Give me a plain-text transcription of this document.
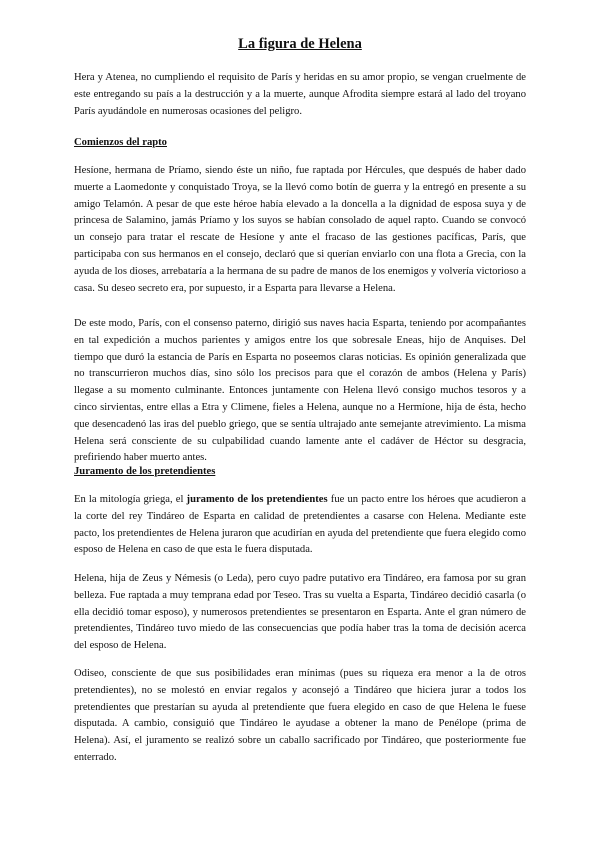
La figura de Helena

Hera y Atenea, no cumpliendo el requisito de París y heridas en su amor propio, se vengan cruelmente de este entregando su país a la destrucción y a la muerte, aunque Afrodita siempre estará al lado del troyano París ayudándole en numerosas ocasiones del peligro.

Comienzos del rapto

Hesíone, hermana de Príamo, siendo éste un niño, fue raptada por Hércules, que después de haber dado muerte a Laomedonte y conquistado Troya, se la llevó como botín de guerra y la entregó en presente a su amigo Telamón. A pesar de que este héroe había elevado a la doncella a la dignidad de esposa suya y de princesa de Salamino, jamás Príamo y los suyos se habían consolado de aquel rapto. Cuando se convocó un consejo para tratar el rescate de Hesíone y ante el fracaso de las gestiones pacíficas, París, que participaba con sus hermanos en el consejo, declaró que si querían enviarlo con una flota a Grecia, con la ayuda de los dioses, arrebataría a la hermana de su padre de manos de los enemigos y volvería victorioso a casa. Su deseo secreto era, por supuesto, ir a Esparta para llevarse a Helena.

De este modo, París, con el consenso paterno, dirigió sus naves hacia Esparta, teniendo por acompañantes en tal expedición a muchos parientes y amigos entre los que sobresale Eneas, hijo de Anquises. Del tiempo que duró la estancia de París en Esparta no poseemos claras noticias. Es opinión generalizada que no transcurrieron muchos días, sino sólo los precisos para que el corazón de ambos (Helena y París) llegase a su momento culminante. Entonces juntamente con Helena llevó consigo muchos tesoros y a cinco sirvientas, entre ellas a Etra y Climene, fieles a Helena, aunque no a Hermíone, hija de ésta, hecho que desencadenó las iras del pueblo griego, que se sentía ultrajado ante semejante atrevimiento. La misma Helena será consciente de su culpabilidad cuando lamente ante el cadáver de Héctor su desgracia, prefiriendo haber muerto antes.

Juramento de los pretendientes

En la mitología griega, el juramento de los pretendientes fue un pacto entre los héroes que acudieron a la corte del rey Tindáreo de Esparta en calidad de pretendientes a casarse con Helena. Mediante este pacto, los pretendientes de Helena juraron que acudirían en ayuda del pretendiente que fuera elegido como esposo de Helena en caso de que esta le fuera disputada.

Helena, hija de Zeus y Némesis (o Leda), pero cuyo padre putativo era Tindáreo, era famosa por su gran belleza. Fue raptada a muy temprana edad por Teseo. Tras su vuelta a Esparta, Tindáreo decidió casarla (o ella decidió tomar esposo), y numerosos pretendientes se presentaron en Esparta. Ante el gran número de pretendientes, Tindáreo tuvo miedo de las consecuencias que podía haber tras la toma de decisión acerca del esposo de Helena.

Odiseo, consciente de que sus posibilidades eran mínimas (pues su riqueza era menor a la de otros pretendientes), no se molestó en enviar regalos y aconsejó a Tindáreo que hiciera jurar a todos los pretendientes que prestarían su ayuda al pretendiente que fuera elegido en caso de que Helena le fuese disputada. A cambio, consiguió que Tindáreo le ayudase a obtener la mano de Penélope (prima de Helena). Así, el juramento se realizó sobre un caballo sacrificado por Tindáreo, que posteriormente fue enterrado.
